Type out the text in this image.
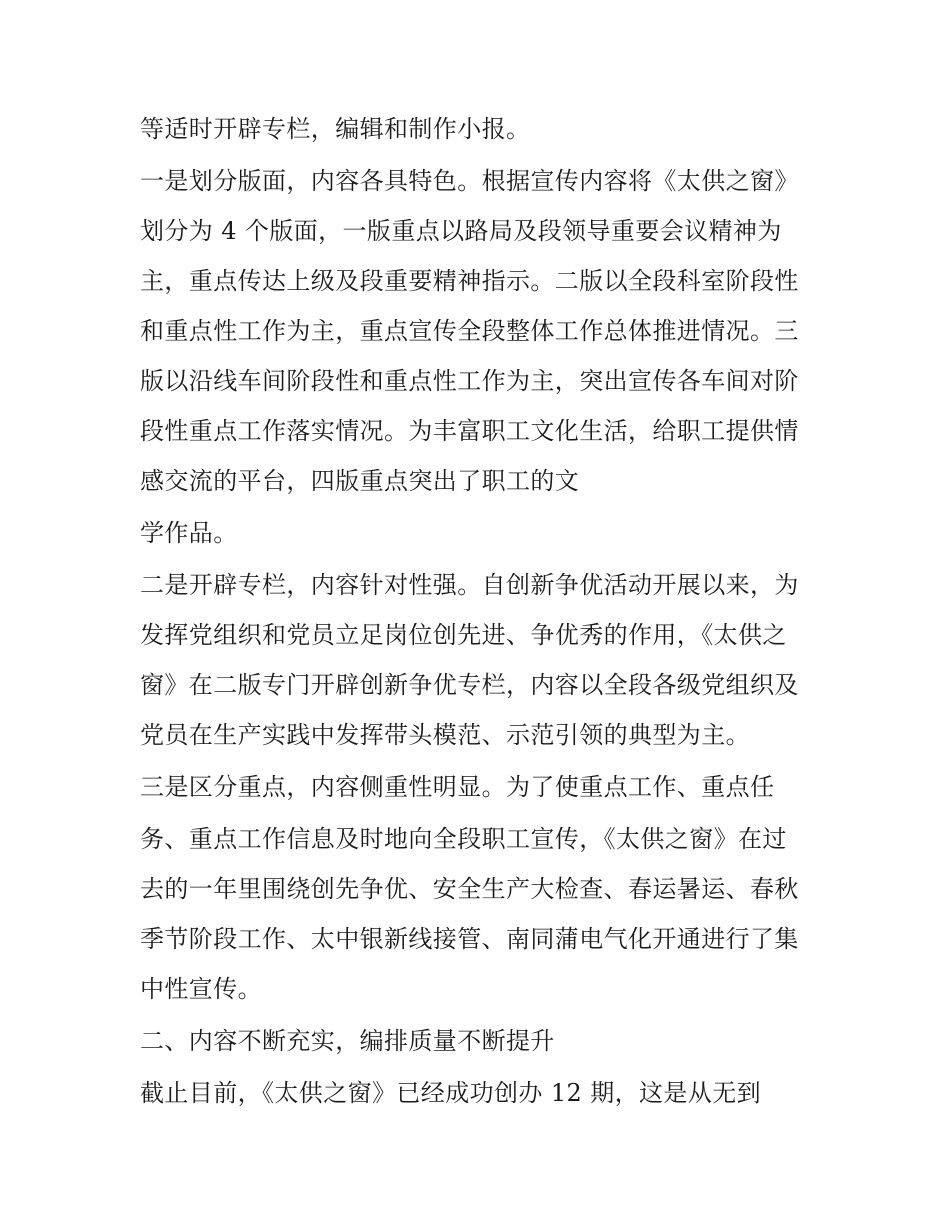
等适时开辟专栏，编辑和制作小报。
一是划分版面，内容各具特色。根据宣传内容将《太供之窗》
划分为 4 个版面，一版重点以路局及段领导重要会议精神为
主，重点传达上级及段重要精神指示。二版以全段科室阶段性
和重点性工作为主，重点宣传全段整体工作总体推进情况。三
版以沿线车间阶段性和重点性工作为主，突出宣传各车间对阶
段性重点工作落实情况。为丰富职工文化生活，给职工提供情
感交流的平台，四版重点突出了职工的文
学作品。
二是开辟专栏，内容针对性强。自创新争优活动开展以来，为
发挥党组织和党员立足岗位创先进、争优秀的作用，《太供之
窗》在二版专门开辟创新争优专栏，内容以全段各级党组织及
党员在生产实践中发挥带头模范、示范引领的典型为主。
三是区分重点，内容侧重性明显。为了使重点工作、重点任
务、重点工作信息及时地向全段职工宣传，《太供之窗》在过
去的一年里围绕创先争优、安全生产大检查、春运暑运、春秋
季节阶段工作、太中银新线接管、南同蒲电气化开通进行了集
中性宣传。
二、内容不断充实，编排质量不断提升
截止目前，《太供之窗》已经成功创办 12 期，这是从无到
